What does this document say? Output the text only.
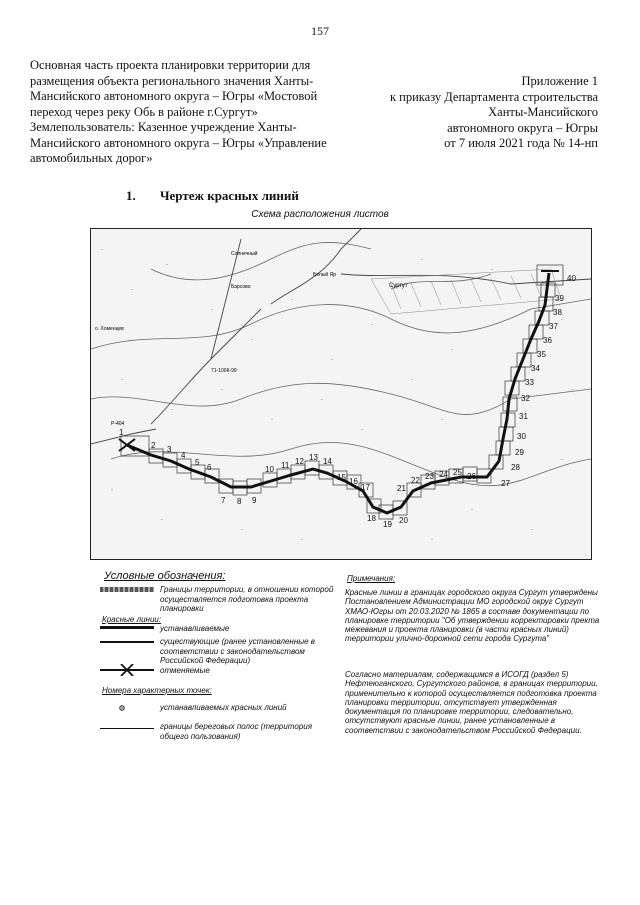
157
Основная часть проекта планировки территории для
размещения объекта регионального значения Ханты-
Мансийского автономного округа – Югры «Мостовой
переход через реку Обь в районе г.Сургут»
Землепользователь: Казенное учреждение Ханты-
Мансийского автономного округа – Югры «Управление
автомобильных дорог»
Приложение 1
к приказу Департамента строительства
Ханты-Мансийского
автономного округа – Югры
от 7 июля 2021 года № 14-нп
1. Чертеж красных линий
Схема расположения листов
Солнечный
Барсово
Белый Яр
Сургут
о. Хоменцев
Р-404
71-100К-99
1
2 3
4
5
6
7 8 9
10 11 12 13 14
15 16
17
18
19 20
21
22 23 24 25 26
27
28
29
30
31
32
33
34
35
36
37
38
39
40
Условные обозначения:
Границы территории, в отношении которой осуществляется подготовка проекта планировки
Красные линии:
устанавливаемые
существующие (ранее установленные в соответствии с законодательством Российской Федерации)
отменяемые
Номера характерных точек:
устанавливаемых красных линий
границы береговых полос (территория общего пользования)
Примечания:
Красные линии в границах городского округа Сургут утверждены Постановлением Администрации МО городской округ Сургут ХМАО-Югры от 20.03.2020 № 1865 в составе документации по планировке территории "Об утверждении корректировки пректа межевания и проекта планировки (в части красных линий) территории улично-дорожной сети города Сургута"
Согласно материалам, содержащимся в ИСОГД (раздел 5) Нефтеюганского, Сургутского районов, в границах территории, применительно к которой осуществляется подготовка проекта планировки территории, отсутствует утвержденная документация по планировке территории, следовательно, отсутствуют красные линии, ранее установленные в соответствии с законодательством Российской Федерации.
